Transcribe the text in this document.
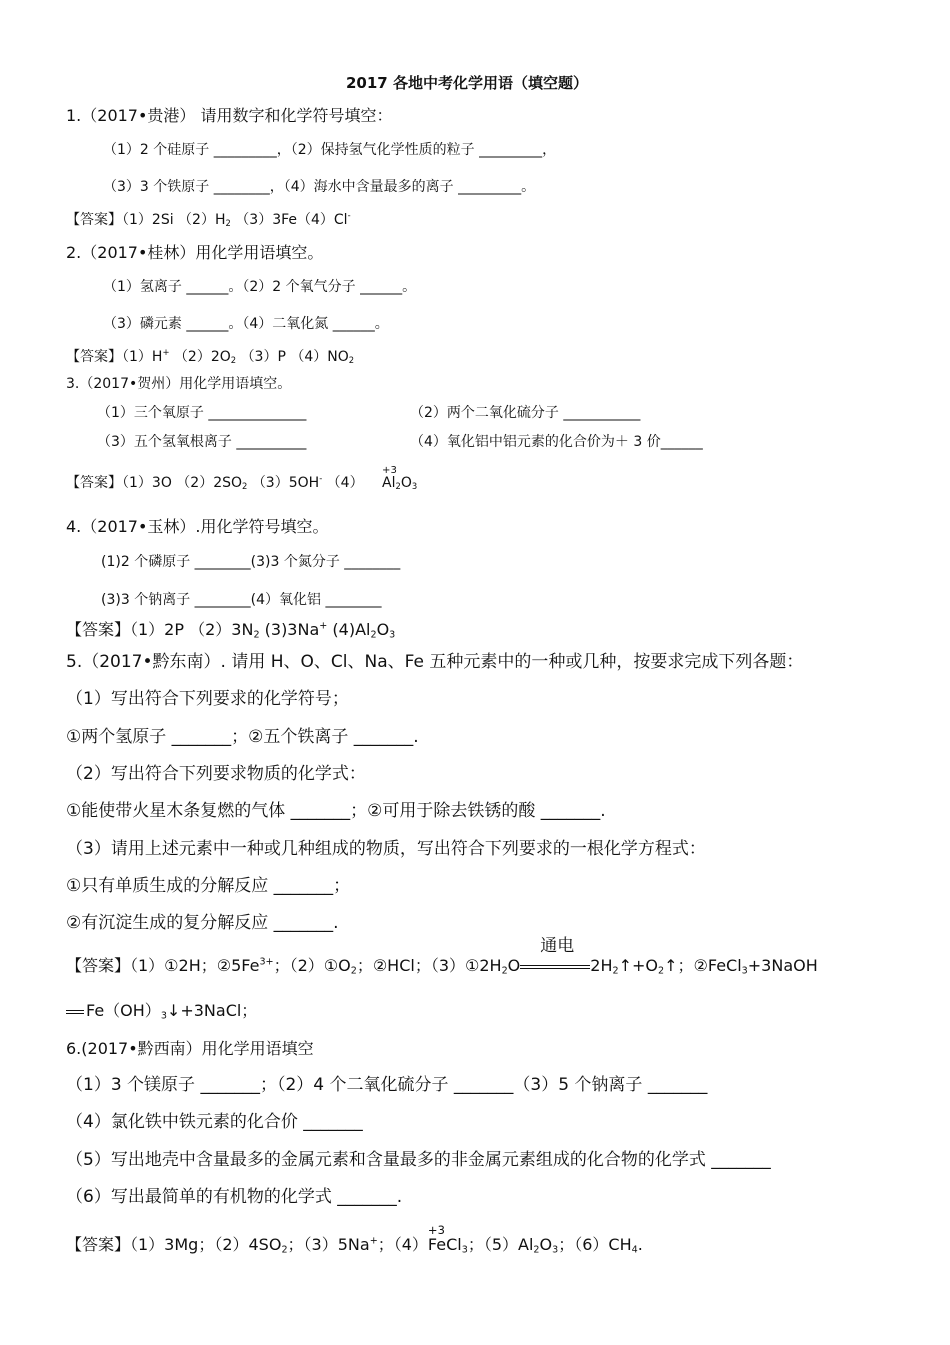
2017 各地中考化学用语（填空题）
1.（2017•贵港） 请用数字和化学符号填空：
（1）2 个硅原子 _________，（2）保持氢气化学性质的粒子 _________，
（3）3 个铁原子 ________，（4）海水中含量最多的离子 _________。
【答案】（1）2Si $(2)H_2$ （3）3Fe（4）Cl-
2.（2017•桂林）用化学用语填空。
（1）氢离子 ______。（2）2 个氧气分子 ______。
（3）磷元素 ______。（4）二氧化氮 ______。
【答案】（1）H+ $(2)2O_2$ （3）P $(4)NO_2$
3.（2017•贺州）用化学用语填空。
（1）三个氧原子 ______________	（2）两个二氧化硫分子 ___________
（3）五个氢氧根离子 __________	（4）氧化铝中铝元素的化合价为＋ 3 价______
【答案】（1）3O $(2)2SO_2$ （3）5OH- （4）
+3
$Al_2O_3$
4.（2017•玉林）.用化学符号填空。
(1)2 个磷原子 ________(3)3 个氮分子 ________
(3)3 个钠离子 ________(4）氧化铝 ________
【答案】（1）2P $(2)3N_2$ (3)3Na+ $(4)Al_2O_3$
5.（2017•黔东南）. 请用 H、O、Cl、Na、Fe 五种元素中的一种或几种，按要求完成下列各题：
（1）写出符合下列要求的化学符号；
①两个氢原子 _______；②五个铁离子 _______.
（2）写出符合下列要求物质的化学式：
①能使带火星木条复燃的气体 _______；②可用于除去铁锈的酸 _______.
（3）请用上述元素中一种或几种组成的物质，写出符合下列要求的一根化学方程式：
①只有单质生成的分解反应 _______；
②有沉淀生成的复分解反应 _______.
【答案】（1）①2H；$②5Fe^{3+}$；$(2)①O_2$；②HCl；$(3)①2H_2O$
通电
$2H_2↑+O_2↑$；②FeCl$_3$+3NaOH
$Fe(OH)_3↓+3NaCl$；
6.(2017•黔西南）用化学用语填空
（1）3 个镁原子 _______；（2）4 个二氧化硫分子 _______（3）5 个钠离子 _______
（4）氯化铁中铁元素的化合价 _______
（5）写出地壳中含量最多的金属元素和含量最多的非金属元素组成的化合物的化学式 _______
（6）写出最简单的有机物的化学式 _______.
【答案】（1）3Mg；$(2)4SO_2$；（3）5Na+；（4）
+3
FeCl$_3$；$(5)Al_2O_3$；$(6)CH_4$.
